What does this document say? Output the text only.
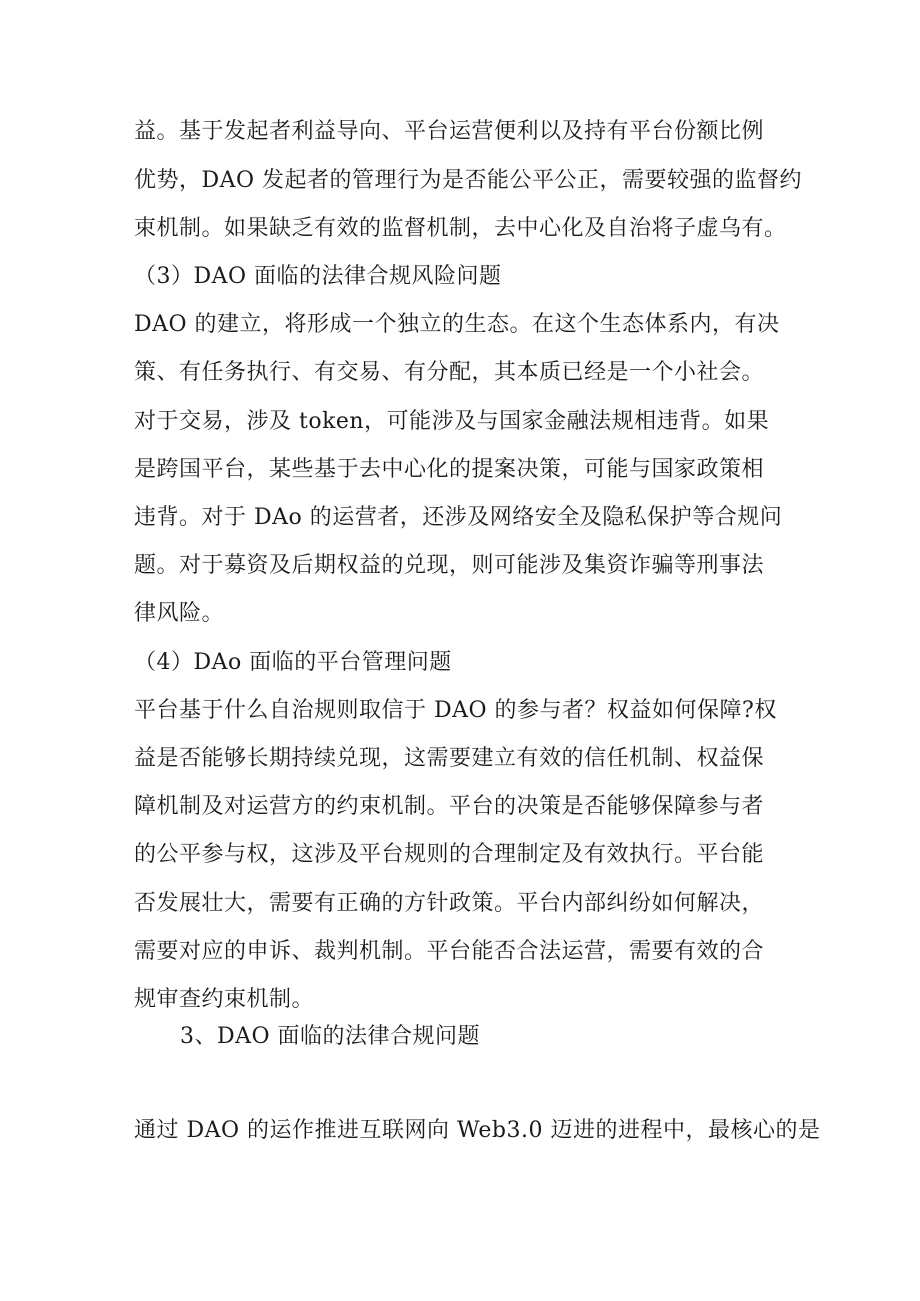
益。基于发起者利益导向、平台运营便利以及持有平台份额比例
优势，DAO 发起者的管理行为是否能公平公正，需要较强的监督约
束机制。如果缺乏有效的监督机制，去中心化及自治将子虚乌有。
（3）DAO 面临的法律合规风险问题
DAO 的建立，将形成一个独立的生态。在这个生态体系内，有决
策、有任务执行、有交易、有分配，其本质已经是一个小社会。
对于交易，涉及 token，可能涉及与国家金融法规相违背。如果
是跨国平台，某些基于去中心化的提案决策，可能与国家政策相
违背。对于 DAo 的运营者，还涉及网络安全及隐私保护等合规问
题。对于募资及后期权益的兑现，则可能涉及集资诈骗等刑事法
律风险。
（4）DAo 面临的平台管理问题
平台基于什么自治规则取信于 DAO 的参与者？权益如何保障?权
益是否能够长期持续兑现，这需要建立有效的信任机制、权益保
障机制及对运营方的约束机制。平台的决策是否能够保障参与者
的公平参与权，这涉及平台规则的合理制定及有效执行。平台能
否发展壮大，需要有正确的方针政策。平台内部纠纷如何解决，
需要对应的申诉、裁判机制。平台能否合法运营，需要有效的合
规审查约束机制。
3、DAO 面临的法律合规问题
通过 DAO 的运作推进互联网向 Web3.0 迈进的进程中，最核心的是
